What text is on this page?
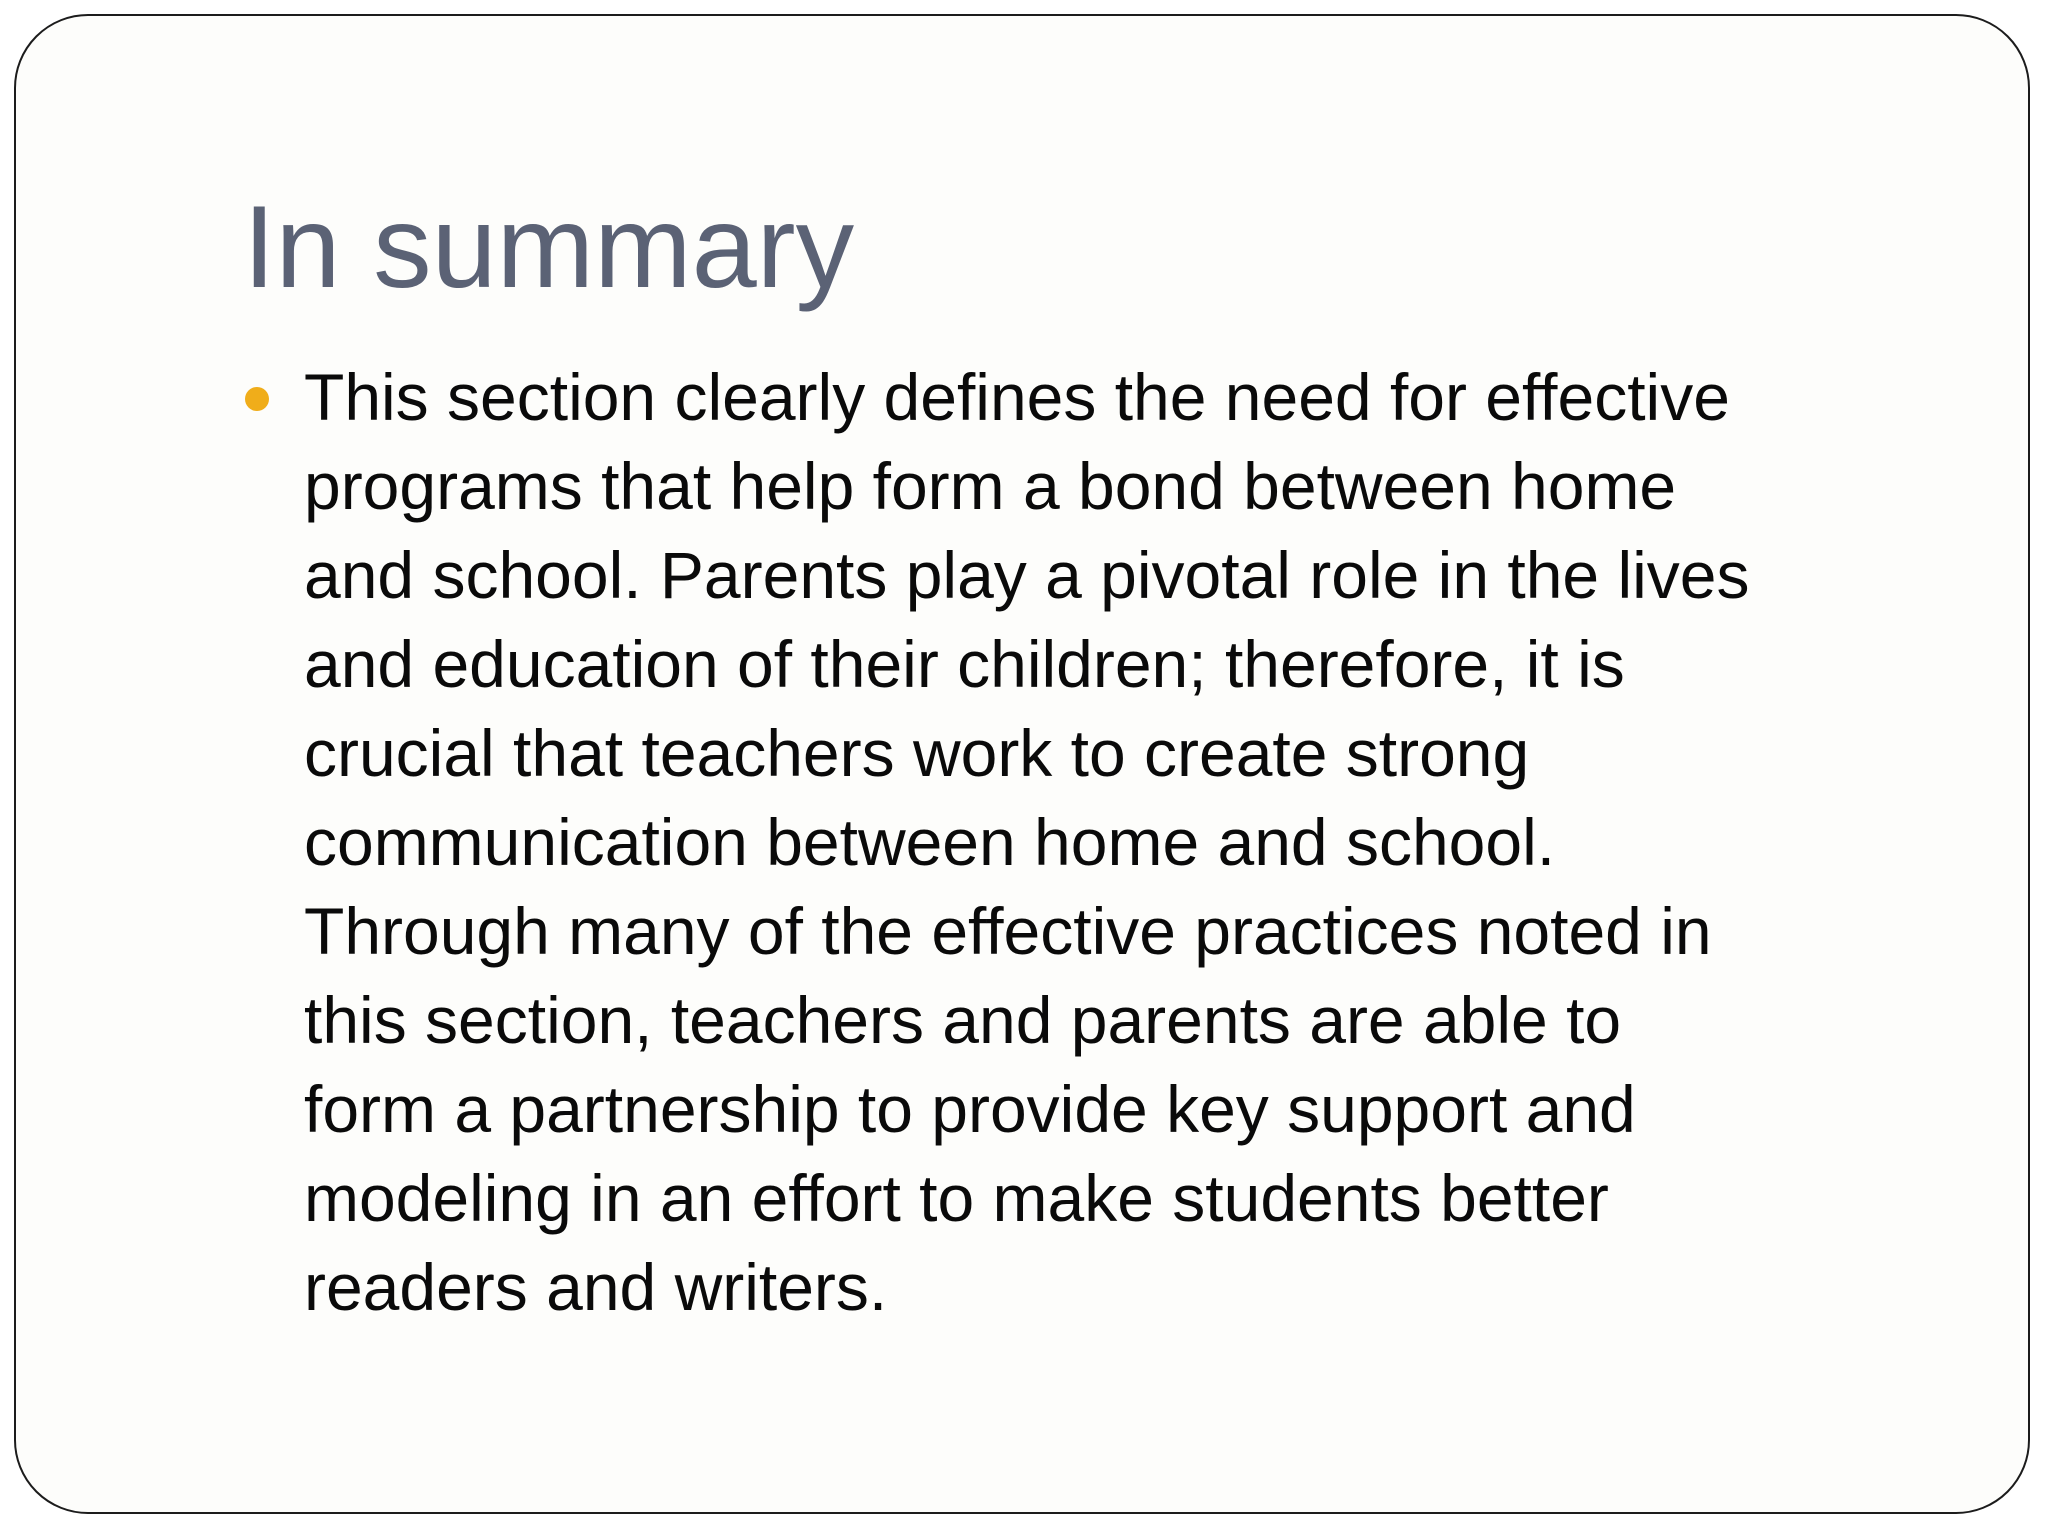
In summary
This section clearly defines the need for effective
programs that help form a bond between home
and school. Parents play a pivotal role in the lives
and education of their children; therefore, it is
crucial that teachers work to create strong
communication between home and school.
Through many of the effective practices noted in
this section, teachers and parents are able to
form a partnership to provide key support and
modeling in an effort to make students better
readers and writers.
